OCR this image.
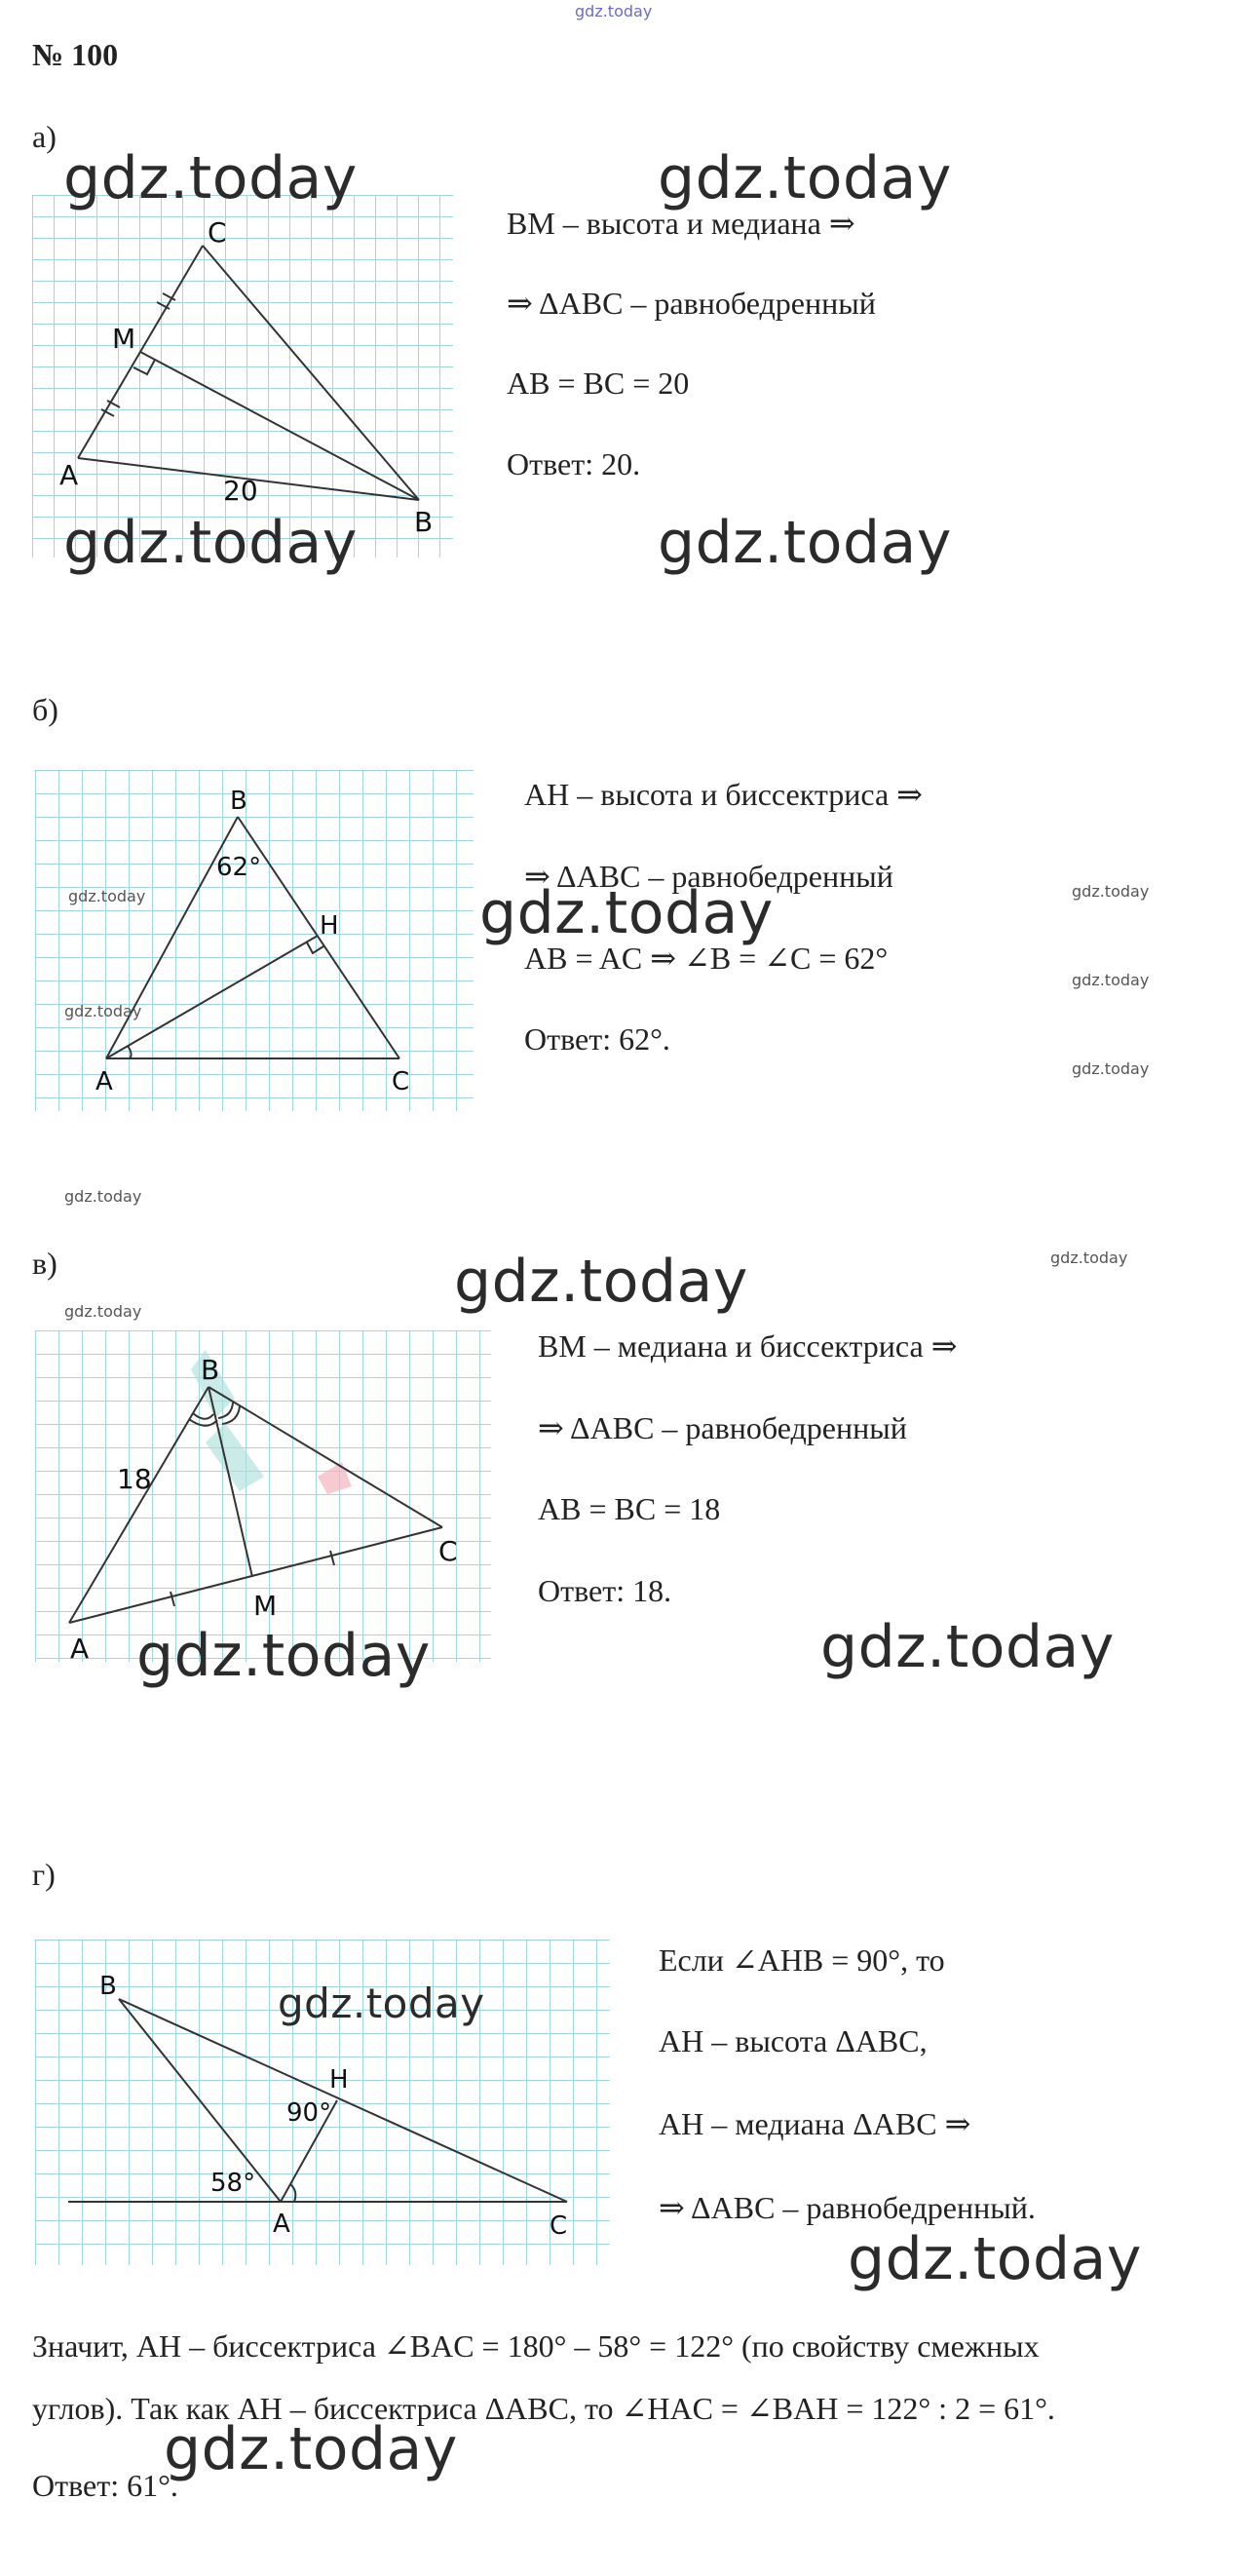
gdz.today
№ 100
а)
C
M
A	20
B
BM – высота и медиана ⇒
⇒ ΔABC – равнобедренный
AB = BC = 20
Ответ: 20.
gdz.today	gdz.today
gdz.today	gdz.today
б)
B
62°
H
A	C
AH – высота и биссектриса ⇒
⇒ ΔABC – равнобедренный
AB = AC ⇒ ∠B = ∠C = 62°
Ответ: 62°.
gdz.today
gdz.today
gdz.today
gdz.today
gdz.today
gdz.today
gdz.today
в)	gdz.today
gdz.today	gdz.today
B
18
C
M
A
BM – медиана и биссектриса ⇒
⇒ ΔABC – равнобедренный
AB = BC = 18
Ответ: 18.
gdz.today	gdz.today
г)
B
H
90°
58°
A	C
gdz.today
Если ∠AHB = 90°, то
AH – высота ΔABC,
AH – медиана ΔABC ⇒
⇒ ΔABC – равнобедренный.
gdz.today
Значит, AH – биссектриса ∠BAC = 180° – 58° = 122° (по свойству смежных
углов). Так как AH – биссектриса ΔABC, то ∠HAC = ∠BAH = 122° : 2 = 61°.
Ответ: 61°.
gdz.today
